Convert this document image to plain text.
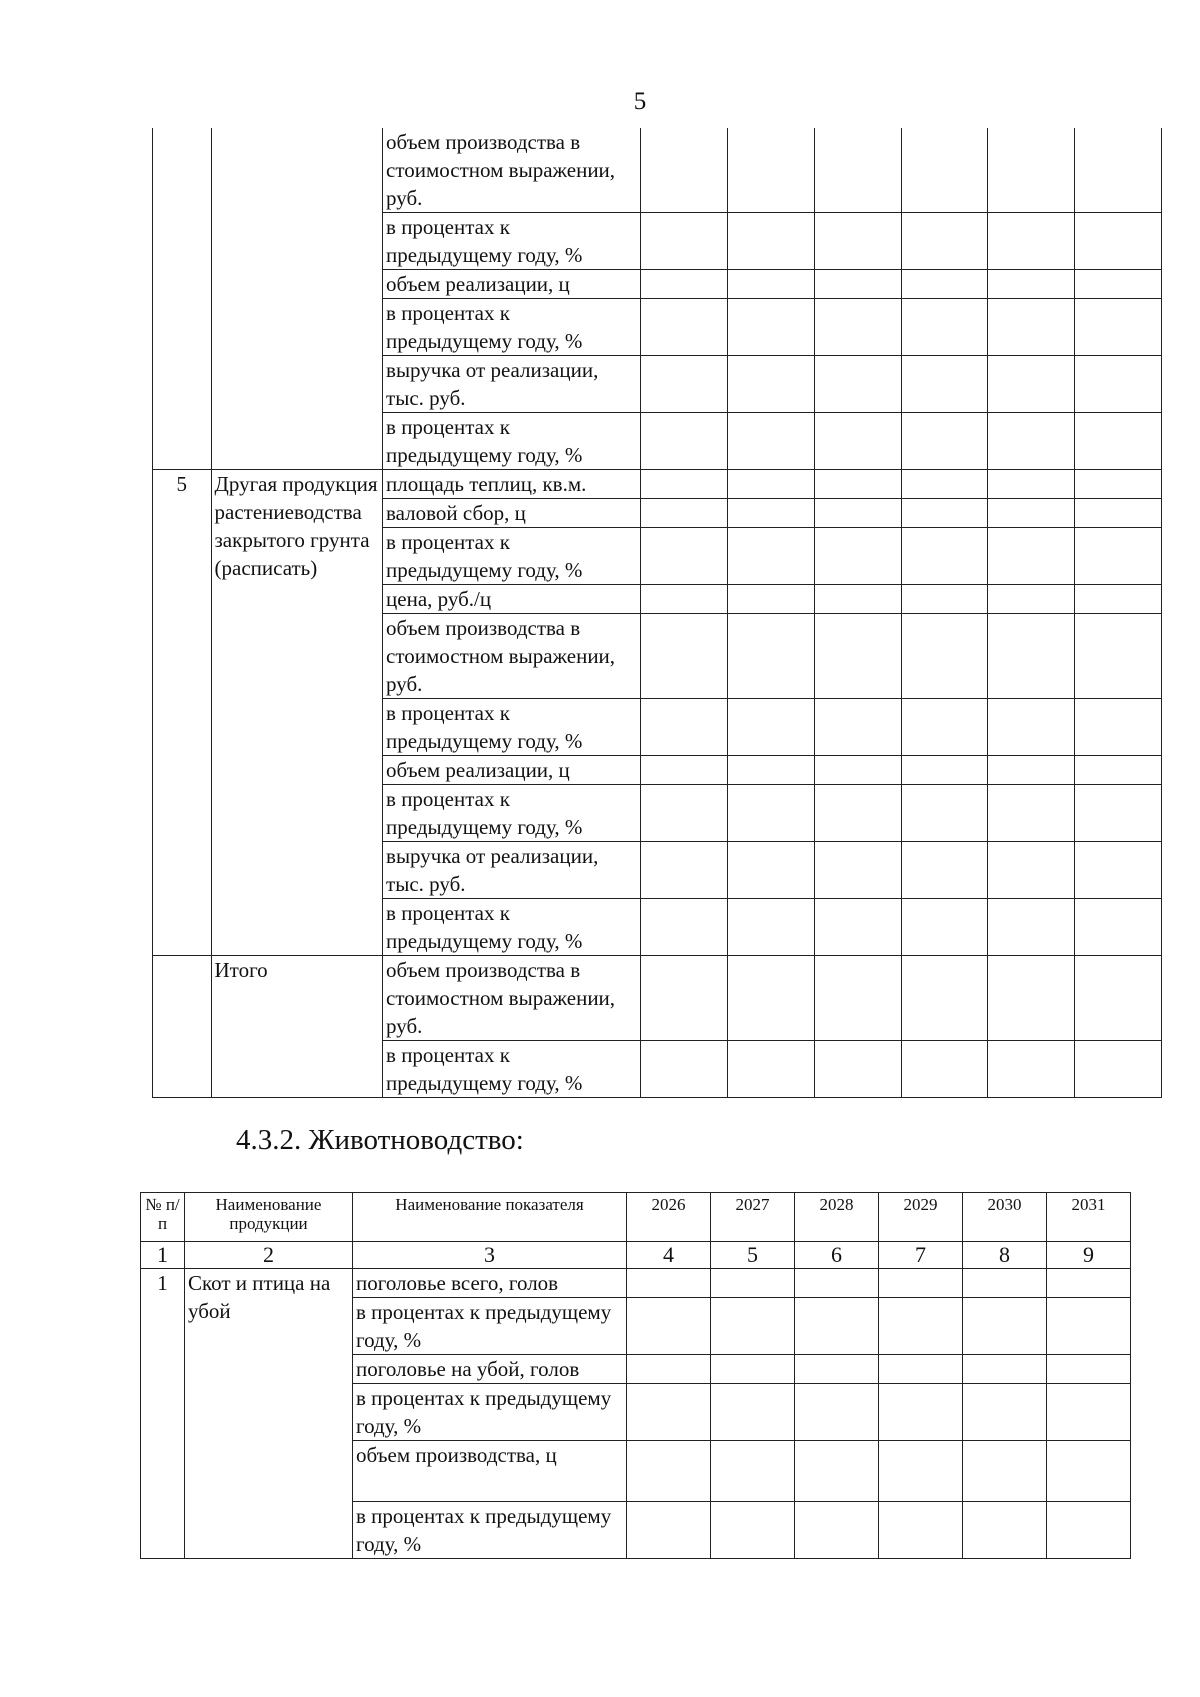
5
		объем производства в стоимостном выражении, руб.						
		в процентах к предыдущему году, %						
		объем реализации, ц						
		в процентах к предыдущему году, %						
		выручка от реализации, тыс. руб.						
		в процентах к предыдущему году, %						
5	Другая продукция растениеводства закрытого грунта (расписать)	площадь теплиц, кв.м.						
		валовой сбор, ц						
		в процентах к предыдущему году, %						
		цена, руб./ц						
		объем производства в стоимостном выражении, руб.						
		в процентах к предыдущему году, %						
		объем реализации, ц						
		в процентах к предыдущему году, %						
		выручка от реализации, тыс. руб.						
		в процентах к предыдущему году, %						
	Итого	объем производства в стоимостном выражении, руб.						
		в процентах к предыдущему году, %						
4.3.2. Животноводство:
№ п/п	Наименование продукции	Наименование показателя	2026	2027	2028	2029	2030	2031
1	2	3	4	5	6	7	8	9
1	Скот и птица на убой	поголовье всего, голов						
		в процентах к предыдущему году, %						
		поголовье на убой, голов						
		в процентах к предыдущему году, %						
		объем производства, ц						
		в процентах к предыдущему году, %						
